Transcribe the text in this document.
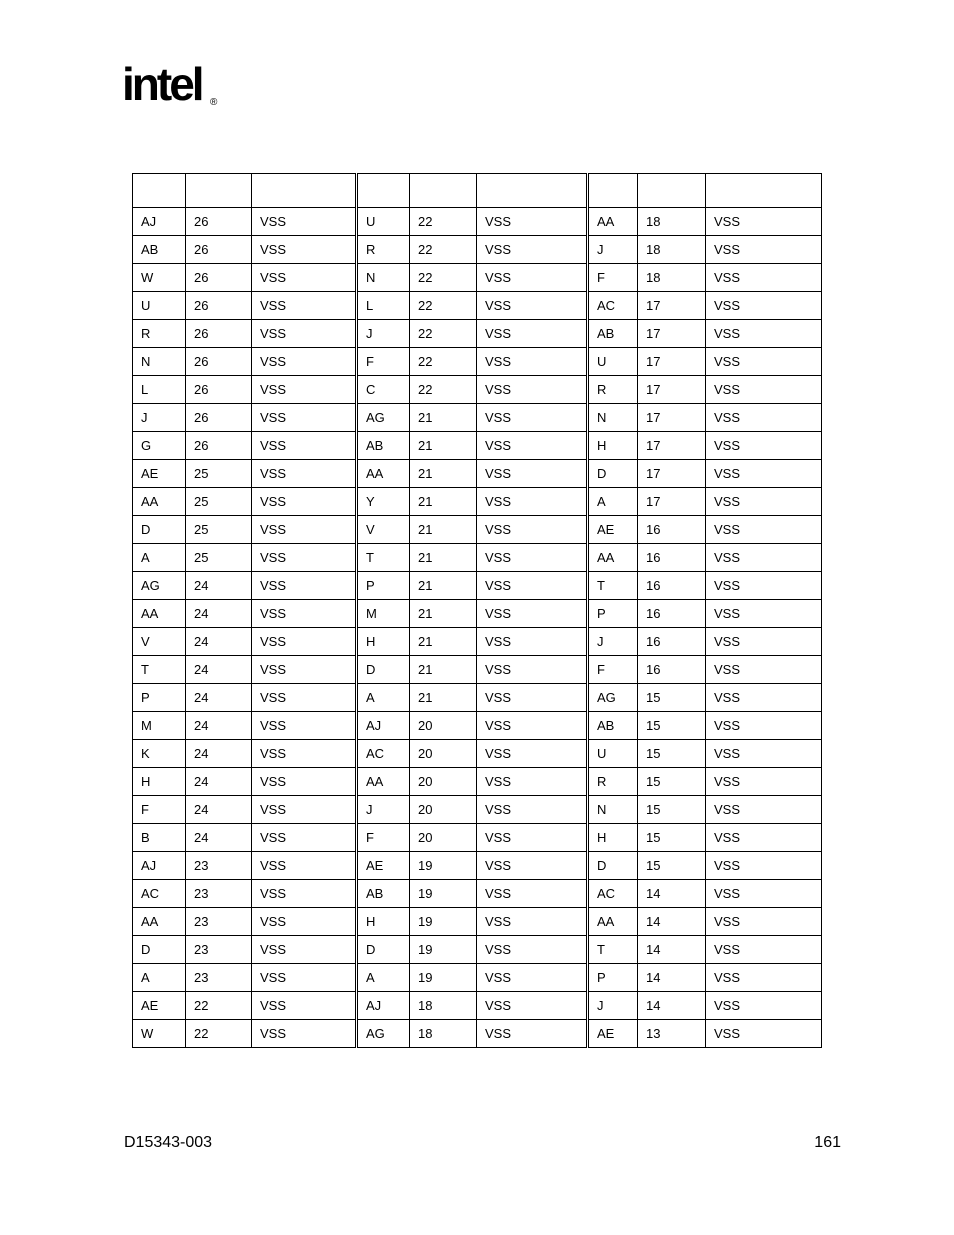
intel ®

AJ	26	VSS	U	22	VSS	AA	18	VSS
AB	26	VSS	R	22	VSS	J	18	VSS
W	26	VSS	N	22	VSS	F	18	VSS
U	26	VSS	L	22	VSS	AC	17	VSS
R	26	VSS	J	22	VSS	AB	17	VSS
N	26	VSS	F	22	VSS	U	17	VSS
L	26	VSS	C	22	VSS	R	17	VSS
J	26	VSS	AG	21	VSS	N	17	VSS
G	26	VSS	AB	21	VSS	H	17	VSS
AE	25	VSS	AA	21	VSS	D	17	VSS
AA	25	VSS	Y	21	VSS	A	17	VSS
D	25	VSS	V	21	VSS	AE	16	VSS
A	25	VSS	T	21	VSS	AA	16	VSS
AG	24	VSS	P	21	VSS	T	16	VSS
AA	24	VSS	M	21	VSS	P	16	VSS
V	24	VSS	H	21	VSS	J	16	VSS
T	24	VSS	D	21	VSS	F	16	VSS
P	24	VSS	A	21	VSS	AG	15	VSS
M	24	VSS	AJ	20	VSS	AB	15	VSS
K	24	VSS	AC	20	VSS	U	15	VSS
H	24	VSS	AA	20	VSS	R	15	VSS
F	24	VSS	J	20	VSS	N	15	VSS
B	24	VSS	F	20	VSS	H	15	VSS
AJ	23	VSS	AE	19	VSS	D	15	VSS
AC	23	VSS	AB	19	VSS	AC	14	VSS
AA	23	VSS	H	19	VSS	AA	14	VSS
D	23	VSS	D	19	VSS	T	14	VSS
A	23	VSS	A	19	VSS	P	14	VSS
AE	22	VSS	AJ	18	VSS	J	14	VSS
W	22	VSS	AG	18	VSS	AE	13	VSS
D15343-003	161
